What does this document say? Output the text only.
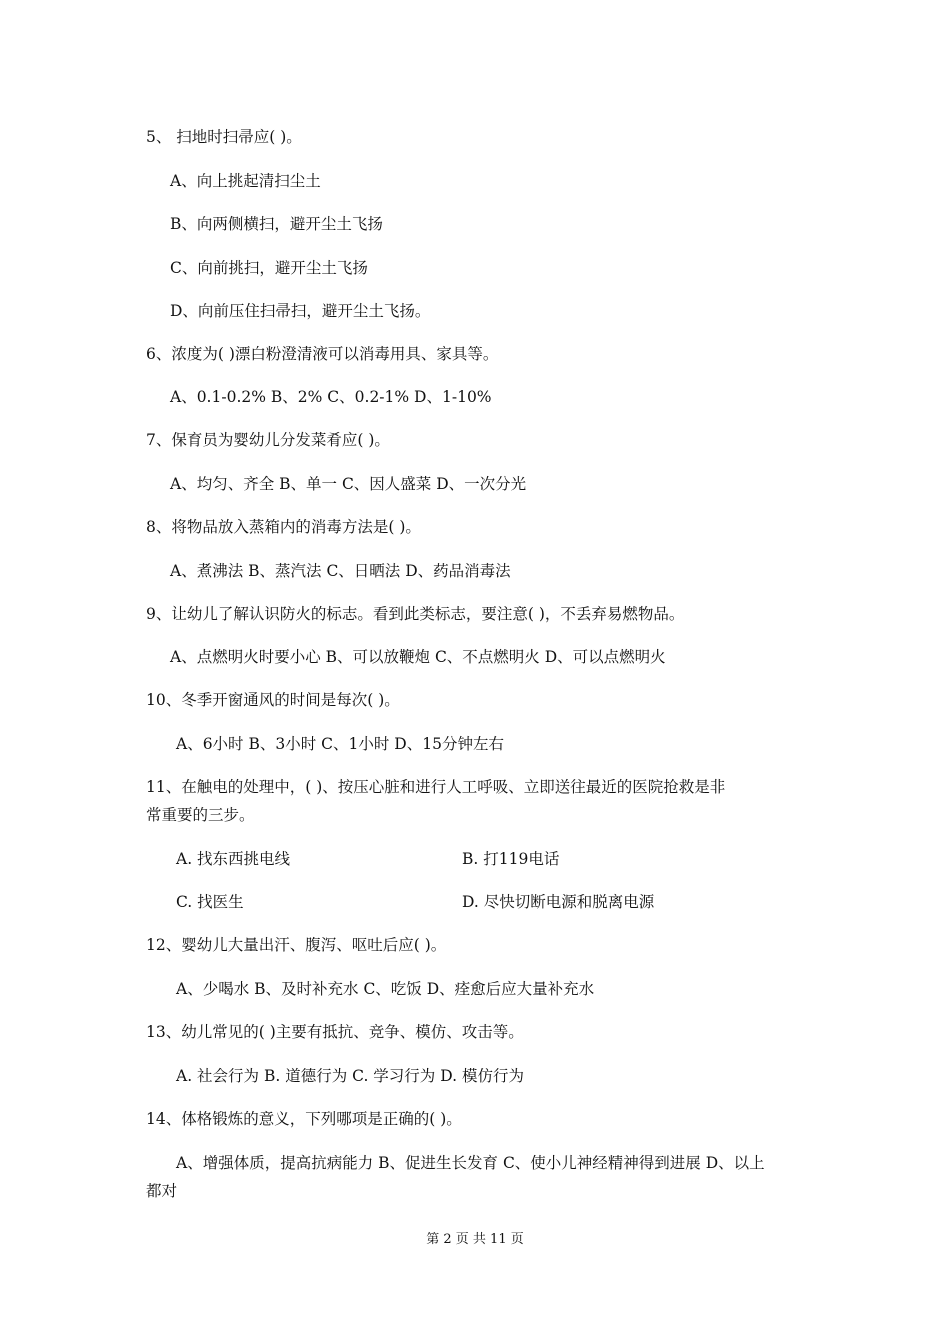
5、 扫地时扫帚应( )。
A、向上挑起清扫尘土
B、向两侧横扫，避开尘土飞扬
C、向前挑扫，避开尘土飞扬
D、向前压住扫帚扫，避开尘土飞扬。
6、浓度为( )漂白粉澄清液可以消毒用具、家具等。
A、0.1-0.2% B、2% C、0.2-1% D、1-10%
7、保育员为婴幼儿分发菜肴应( )。
A、均匀、齐全 B、单一 C、因人盛菜 D、一次分光
8、将物品放入蒸箱内的消毒方法是( )。
A、煮沸法 B、蒸汽法 C、日晒法 D、药品消毒法
9、让幼儿了解认识防火的标志。看到此类标志，要注意( )，不丢弃易燃物品。
A、点燃明火时要小心 B、可以放鞭炮 C、不点燃明火 D、可以点燃明火
10、冬季开窗通风的时间是每次( )。
A、6小时 B、3小时 C、1小时 D、15分钟左右
11、在触电的处理中，( )、按压心脏和进行人工呼吸、立即送往最近的医院抢救是非
常重要的三步。
A. 找东西挑电线	B. 打119电话
C. 找医生	D. 尽快切断电源和脱离电源
12、婴幼儿大量出汗、腹泻、呕吐后应( )。
A、少喝水 B、及时补充水 C、吃饭 D、痊愈后应大量补充水
13、幼儿常见的( )主要有抵抗、竞争、模仿、攻击等。
A. 社会行为 B. 道德行为 C. 学习行为 D. 模仿行为
14、体格锻炼的意义，下列哪项是正确的( )。
A、增强体质，提高抗病能力 B、促进生长发育 C、使小儿神经精神得到进展 D、以上
都对
第 2 页 共 11 页
